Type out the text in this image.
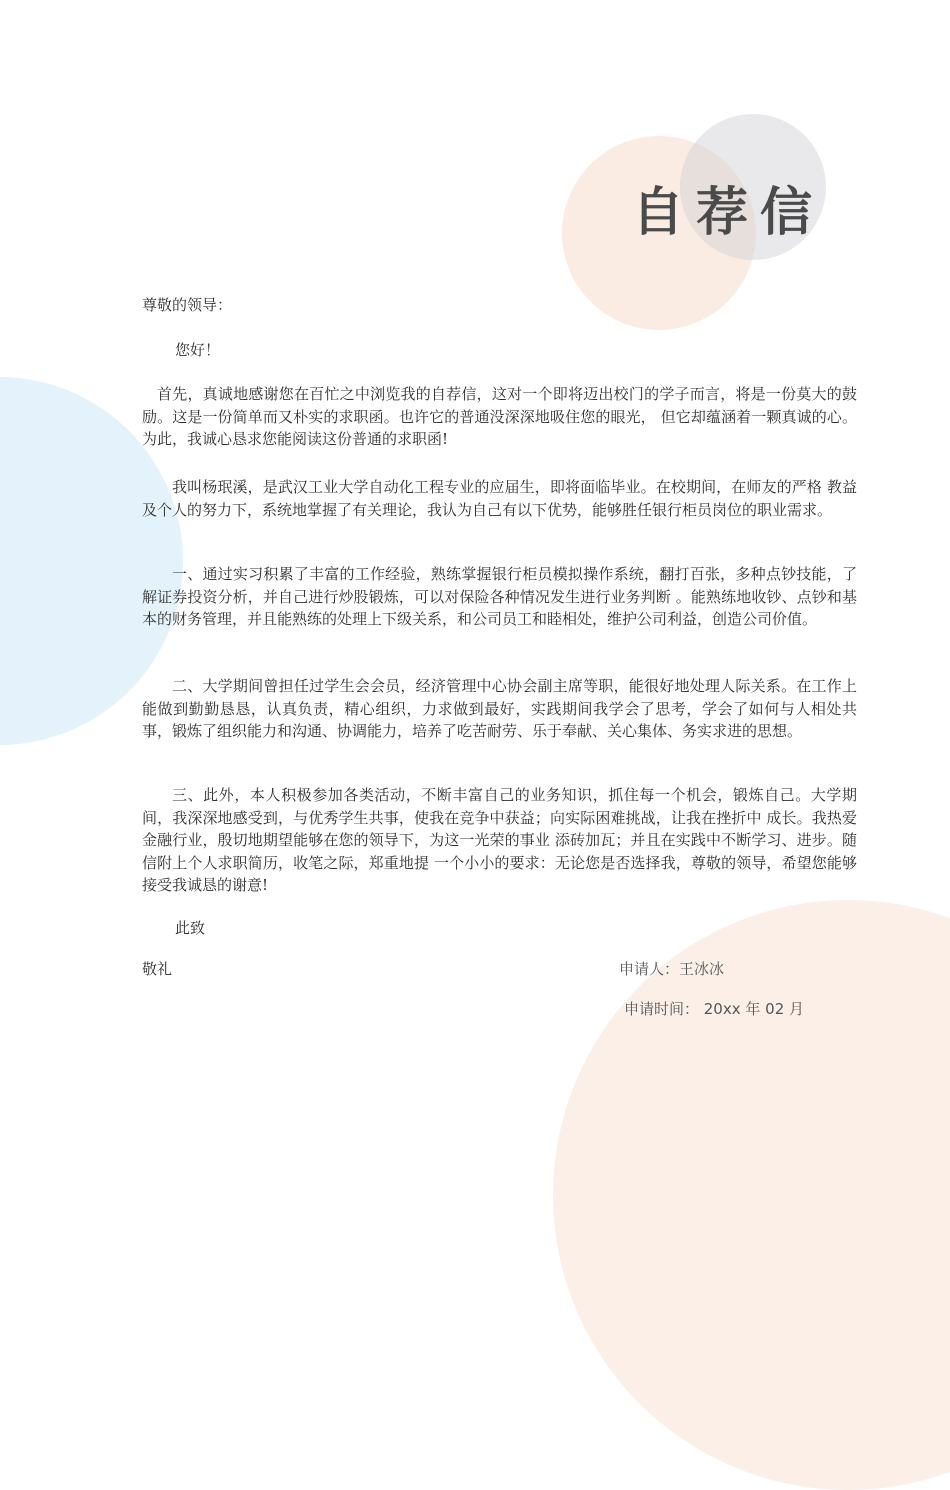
自荐信

尊敬的领导：

您好！

首先，真诚地感谢您在百忙之中浏览我的自荐信，这对一个即将迈出校门的学子而言，将是一份莫大的鼓励。这是一份简单而又朴实的求职函。也许它的普通没深深地吸住您的眼光， 但它却蕴涵着一颗真诚的心。为此，我诚心恳求您能阅读这份普通的求职函!

我叫杨珉溪，是武汉工业大学自动化工程专业的应届生，即将面临毕业。在校期间，在师友的严格 教益及个人的努力下，系统地掌握了有关理论，我认为自己有以下优势，能够胜任银行柜员岗位的职业需求。

一、通过实习积累了丰富的工作经验，熟练掌握银行柜员模拟操作系统，翻打百张，多种点钞技能，了解证券投资分析，并自己进行炒股锻炼，可以对保险各种情况发生进行业务判断 。能熟练地收钞、点钞和基本的财务管理，并且能熟练的处理上下级关系，和公司员工和睦相处，维护公司利益，创造公司价值。

二、大学期间曾担任过学生会会员，经济管理中心协会副主席等职，能很好地处理人际关系。在工作上能做到勤勤恳恳，认真负责，精心组织，力求做到最好，实践期间我学会了思考，学会了如何与人相处共事，锻炼了组织能力和沟通、协调能力，培养了吃苦耐劳、乐于奉献、关心集体、务实求进的思想。

三、此外，本人积极参加各类活动，不断丰富自己的业务知识，抓住每一个机会，锻炼自己。大学期间，我深深地感受到，与优秀学生共事，使我在竞争中获益；向实际困难挑战，让我在挫折中 成长。我热爱金融行业，殷切地期望能够在您的领导下，为这一光荣的事业 添砖加瓦；并且在实践中不断学习、进步。随信附上个人求职简历，收笔之际，郑重地提 一个小小的要求：无论您是否选择我，尊敬的领导，希望您能够接受我诚恳的谢意!

此致

敬礼	申请人：王冰冰
申请时间： 20xx 年 02 月
